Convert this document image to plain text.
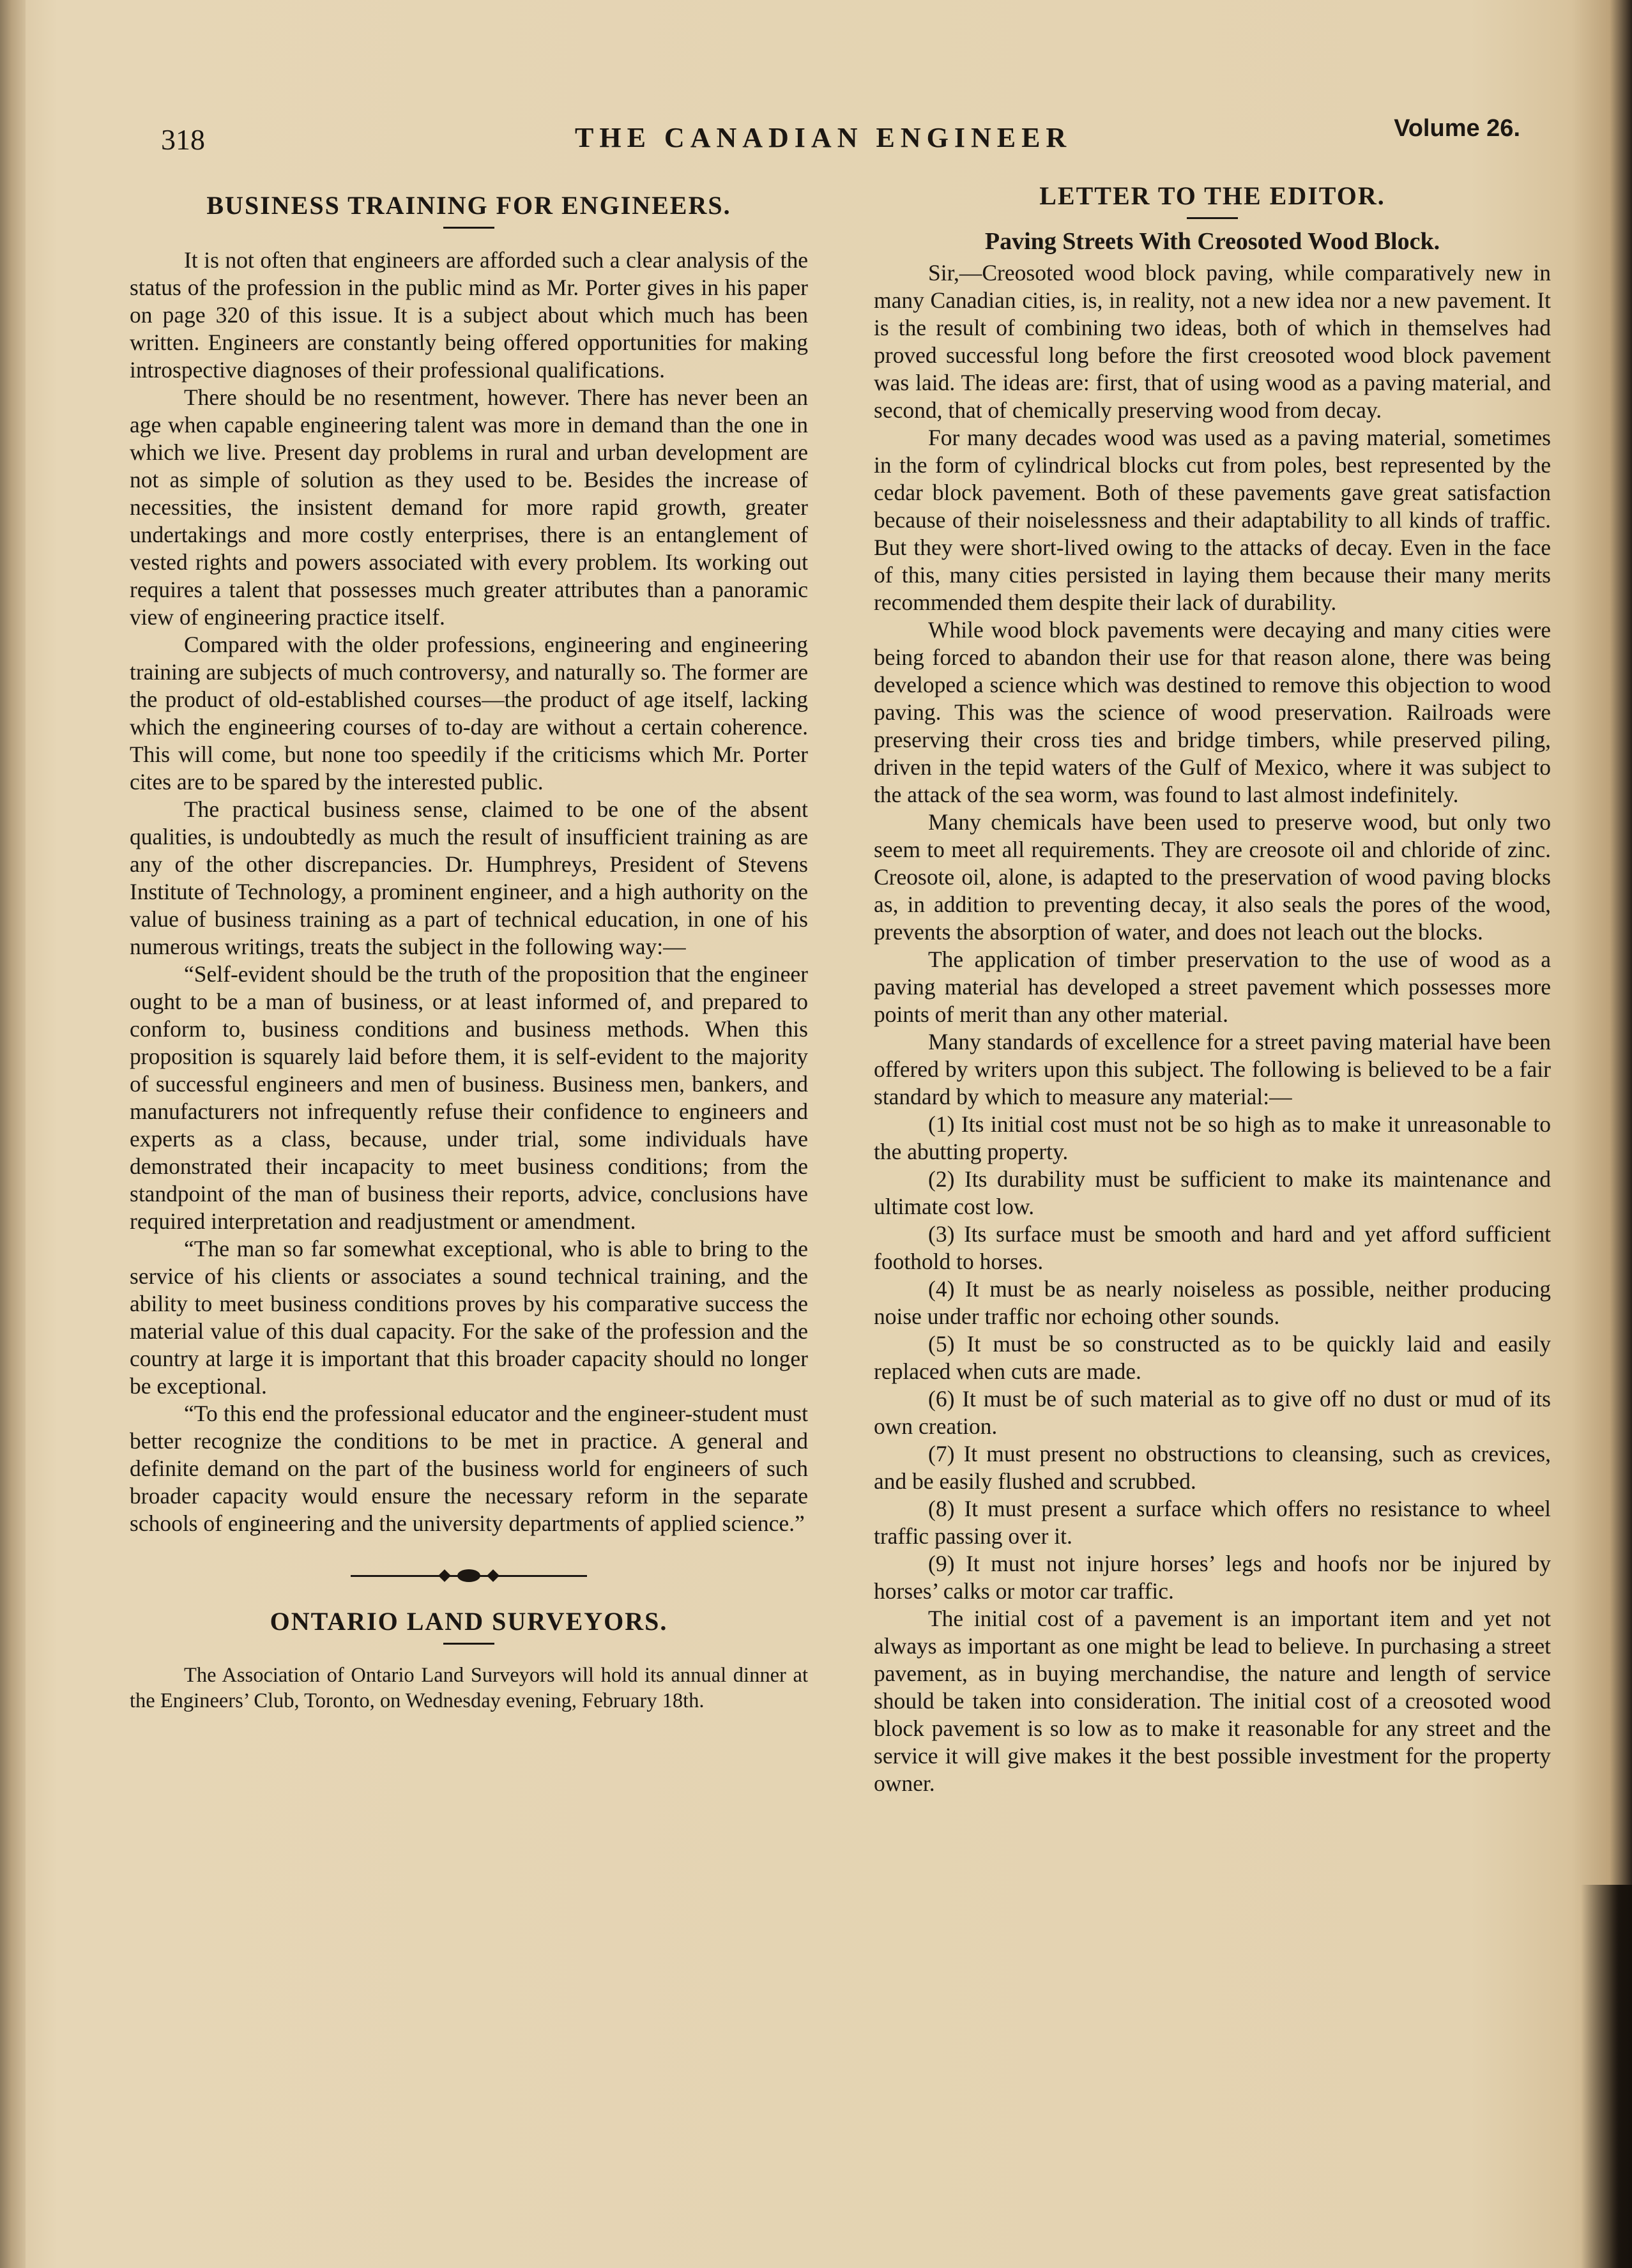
318	THE CANADIAN ENGINEER	Volume 26.
BUSINESS TRAINING FOR ENGINEERS.

It is not often that engineers are afforded such a clear analysis of the status of the profession in the public mind as Mr. Porter gives in his paper on page 320 of this issue. It is a subject about which much has been written. Engineers are constantly being offered opportunities for making introspective diagnoses of their professional qualifications.

There should be no resentment, however. There has never been an age when capable engineering talent was more in demand than the one in which we live. Present day problems in rural and urban development are not as simple of solution as they used to be. Besides the increase of necessities, the insistent demand for more rapid growth, greater undertakings and more costly enterprises, there is an entanglement of vested rights and powers associated with every problem. Its working out requires a talent that possesses much greater attributes than a panoramic view of engineering practice itself.

Compared with the older professions, engineering and engineering training are subjects of much controversy, and naturally so. The former are the product of old-established courses—the product of age itself, lacking which the engineering courses of to-day are without a certain coherence. This will come, but none too speedily if the criticisms which Mr. Porter cites are to be spared by the interested public.

The practical business sense, claimed to be one of the absent qualities, is undoubtedly as much the result of insufficient training as are any of the other discrepancies. Dr. Humphreys, President of Stevens Institute of Technology, a prominent engineer, and a high authority on the value of business training as a part of technical education, in one of his numerous writings, treats the subject in the following way:—

“Self-evident should be the truth of the proposition that the engineer ought to be a man of business, or at least informed of, and prepared to conform to, business conditions and business methods. When this proposition is squarely laid before them, it is self-evident to the majority of successful engineers and men of business. Business men, bankers, and manufacturers not infrequently refuse their confidence to engineers and experts as a class, because, under trial, some individuals have demonstrated their incapacity to meet business conditions; from the standpoint of the man of business their reports, advice, conclusions have required interpretation and readjustment or amendment.

“The man so far somewhat exceptional, who is able to bring to the service of his clients or associates a sound technical training, and the ability to meet business conditions proves by his comparative success the material value of this dual capacity. For the sake of the profession and the country at large it is important that this broader capacity should no longer be exceptional.

“To this end the professional educator and the engineer-student must better recognize the conditions to be met in practice. A general and definite demand on the part of the business world for engineers of such broader capacity would ensure the necessary reform in the separate schools of engineering and the university departments of applied science.”

ONTARIO LAND SURVEYORS.

The Association of Ontario Land Surveyors will hold its annual dinner at the Engineers’ Club, Toronto, on Wednesday evening, February 18th.

LETTER TO THE EDITOR.
Paving Streets With Creosoted Wood Block.

Sir,—Creosoted wood block paving, while comparatively new in many Canadian cities, is, in reality, not a new idea nor a new pavement. It is the result of combining two ideas, both of which in themselves had proved successful long before the first creosoted wood block pavement was laid. The ideas are: first, that of using wood as a paving material, and second, that of chemically preserving wood from decay.

For many decades wood was used as a paving material, sometimes in the form of cylindrical blocks cut from poles, best represented by the cedar block pavement. Both of these pavements gave great satisfaction because of their noiselessness and their adaptability to all kinds of traffic. But they were short-lived owing to the attacks of decay. Even in the face of this, many cities persisted in laying them because their many merits recommended them despite their lack of durability.

While wood block pavements were decaying and many cities were being forced to abandon their use for that reason alone, there was being developed a science which was destined to remove this objection to wood paving. This was the science of wood preservation. Railroads were preserving their cross ties and bridge timbers, while preserved piling, driven in the tepid waters of the Gulf of Mexico, where it was subject to the attack of the sea worm, was found to last almost indefinitely.

Many chemicals have been used to preserve wood, but only two seem to meet all requirements. They are creosote oil and chloride of zinc. Creosote oil, alone, is adapted to the preservation of wood paving blocks as, in addition to preventing decay, it also seals the pores of the wood, prevents the absorption of water, and does not leach out the blocks.

The application of timber preservation to the use of wood as a paving material has developed a street pavement which possesses more points of merit than any other material.

Many standards of excellence for a street paving material have been offered by writers upon this subject. The following is believed to be a fair standard by which to measure any material:—

(1) Its initial cost must not be so high as to make it unreasonable to the abutting property.

(2) Its durability must be sufficient to make its maintenance and ultimate cost low.

(3) Its surface must be smooth and hard and yet afford sufficient foothold to horses.

(4) It must be as nearly noiseless as possible, neither producing noise under traffic nor echoing other sounds.

(5) It must be so constructed as to be quickly laid and easily replaced when cuts are made.

(6) It must be of such material as to give off no dust or mud of its own creation.

(7) It must present no obstructions to cleansing, such as crevices, and be easily flushed and scrubbed.

(8) It must present a surface which offers no resistance to wheel traffic passing over it.

(9) It must not injure horses’ legs and hoofs nor be injured by horses’ calks or motor car traffic.

The initial cost of a pavement is an important item and yet not always as important as one might be lead to believe. In purchasing a street pavement, as in buying merchandise, the nature and length of service should be taken into consideration. The initial cost of a creosoted wood block pavement is so low as to make it reasonable for any street and the service it will give makes it the best possible investment for the property owner.
